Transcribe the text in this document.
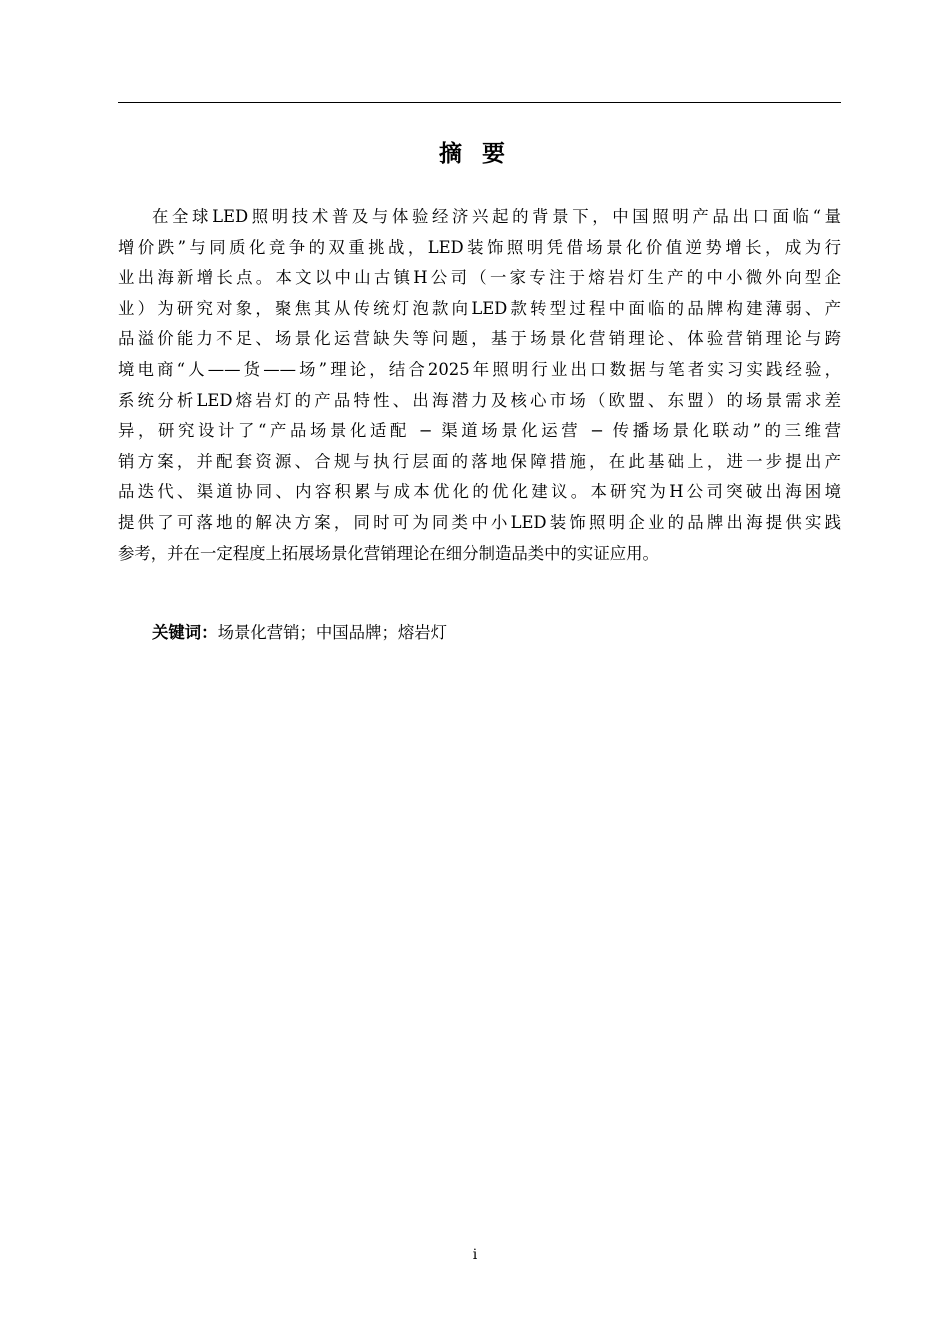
摘 要
在全球LED照明技术普及与体验经济兴起的背景下，中国照明产品出口面临“量
增价跌”与同质化竞争的双重挑战，LED装饰照明凭借场景化价值逆势增长，成为行
业出海新增长点。本文以中山古镇H公司（一家专注于熔岩灯生产的中小微外向型企
业）为研究对象，聚焦其从传统灯泡款向LED款转型过程中面临的品牌构建薄弱、产
品溢价能力不足、场景化运营缺失等问题，基于场景化营销理论、体验营销理论与跨
境电商“人——货——场”理论，结合2025年照明行业出口数据与笔者实习实践经验，
系统分析LED熔岩灯的产品特性、出海潜力及核心市场（欧盟、东盟）的场景需求差
异，研究设计了“产品场景化适配 − 渠道场景化运营 − 传播场景化联动”的三维营
销方案，并配套资源、合规与执行层面的落地保障措施，在此基础上，进一步提出产
品迭代、渠道协同、内容积累与成本优化的优化建议。本研究为H公司突破出海困境
提供了可落地的解决方案，同时可为同类中小LED装饰照明企业的品牌出海提供实践
参考，并在一定程度上拓展场景化营销理论在细分制造品类中的实证应用。
关键词：场景化营销；中国品牌；熔岩灯
i
